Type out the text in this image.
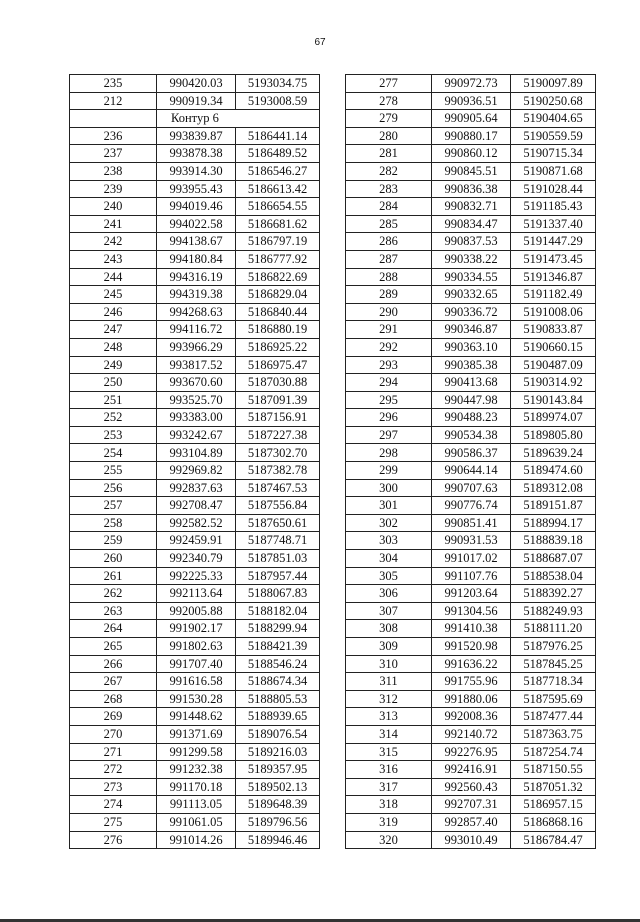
67
235	990420.03	5193034.75
212	990919.34	5193008.59
	Контур 6	
236	993839.87	5186441.14
237	993878.38	5186489.52
238	993914.30	5186546.27
239	993955.43	5186613.42
240	994019.46	5186654.55
241	994022.58	5186681.62
242	994138.67	5186797.19
243	994180.84	5186777.92
244	994316.19	5186822.69
245	994319.38	5186829.04
246	994268.63	5186840.44
247	994116.72	5186880.19
248	993966.29	5186925.22
249	993817.52	5186975.47
250	993670.60	5187030.88
251	993525.70	5187091.39
252	993383.00	5187156.91
253	993242.67	5187227.38
254	993104.89	5187302.70
255	992969.82	5187382.78
256	992837.63	5187467.53
257	992708.47	5187556.84
258	992582.52	5187650.61
259	992459.91	5187748.71
260	992340.79	5187851.03
261	992225.33	5187957.44
262	992113.64	5188067.83
263	992005.88	5188182.04
264	991902.17	5188299.94
265	991802.63	5188421.39
266	991707.40	5188546.24
267	991616.58	5188674.34
268	991530.28	5188805.53
269	991448.62	5188939.65
270	991371.69	5189076.54
271	991299.58	5189216.03
272	991232.38	5189357.95
273	991170.18	5189502.13
274	991113.05	5189648.39
275	991061.05	5189796.56
276	991014.26	5189946.46
277	990972.73	5190097.89
278	990936.51	5190250.68
279	990905.64	5190404.65
280	990880.17	5190559.59
281	990860.12	5190715.34
282	990845.51	5190871.68
283	990836.38	5191028.44
284	990832.71	5191185.43
285	990834.47	5191337.40
286	990837.53	5191447.29
287	990338.22	5191473.45
288	990334.55	5191346.87
289	990332.65	5191182.49
290	990336.72	5191008.06
291	990346.87	5190833.87
292	990363.10	5190660.15
293	990385.38	5190487.09
294	990413.68	5190314.92
295	990447.98	5190143.84
296	990488.23	5189974.07
297	990534.38	5189805.80
298	990586.37	5189639.24
299	990644.14	5189474.60
300	990707.63	5189312.08
301	990776.74	5189151.87
302	990851.41	5188994.17
303	990931.53	5188839.18
304	991017.02	5188687.07
305	991107.76	5188538.04
306	991203.64	5188392.27
307	991304.56	5188249.93
308	991410.38	5188111.20
309	991520.98	5187976.25
310	991636.22	5187845.25
311	991755.96	5187718.34
312	991880.06	5187595.69
313	992008.36	5187477.44
314	992140.72	5187363.75
315	992276.95	5187254.74
316	992416.91	5187150.55
317	992560.43	5187051.32
318	992707.31	5186957.15
319	992857.40	5186868.16
320	993010.49	5186784.47
